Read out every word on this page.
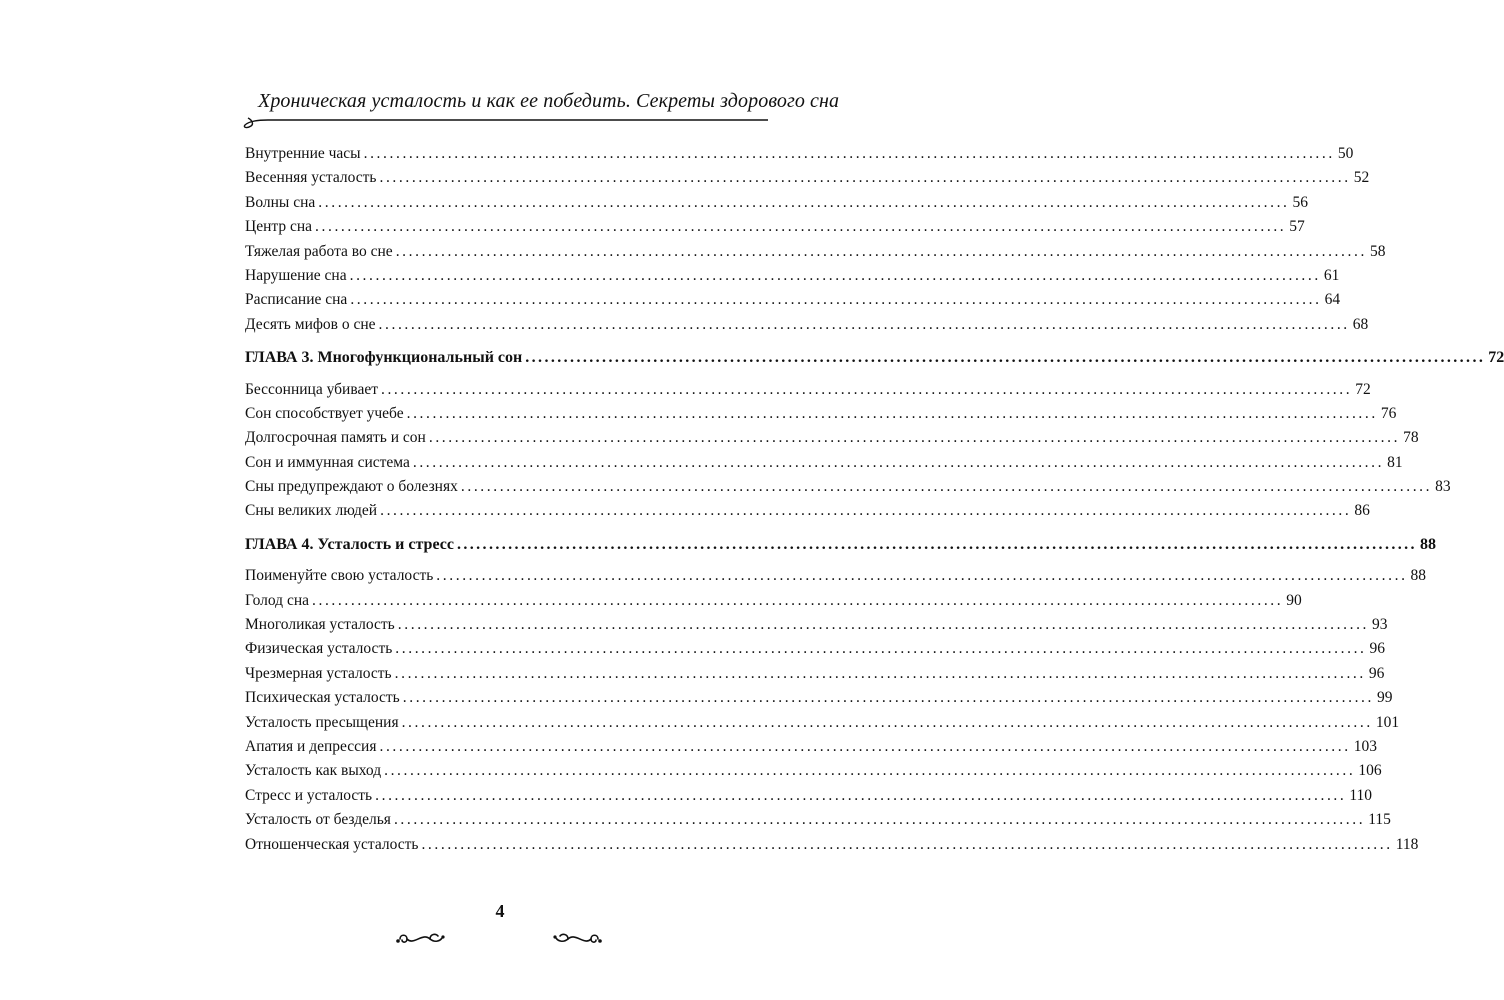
Хроническая усталость и как ее победить. Секреты здорового сна
Внутренние часы ...................................................................................................................................................... 50
Весенняя усталость ...................................................................................................................................................... 52
Волны сна ...................................................................................................................................................... 56
Центр сна ...................................................................................................................................................... 57
Тяжелая работа во сне ...................................................................................................................................................... 58
Нарушение сна ...................................................................................................................................................... 61
Расписание сна ...................................................................................................................................................... 64
Десять мифов о сне ...................................................................................................................................................... 68
ГЛАВА 3. Многофункциональный сон ...................................................................................................................................................... 72
Бессонница убивает ...................................................................................................................................................... 72
Сон способствует учебе ...................................................................................................................................................... 76
Долгосрочная память и сон ...................................................................................................................................................... 78
Сон и иммунная система ...................................................................................................................................................... 81
Сны предупреждают о болезнях ...................................................................................................................................................... 83
Сны великих людей ...................................................................................................................................................... 86
ГЛАВА 4. Усталость и стресс ...................................................................................................................................................... 88
Поименуйте свою усталость ...................................................................................................................................................... 88
Голод сна ...................................................................................................................................................... 90
Многоликая усталость ...................................................................................................................................................... 93
Физическая усталость ...................................................................................................................................................... 96
Чрезмерная усталость ...................................................................................................................................................... 96
Психическая усталость ...................................................................................................................................................... 99
Усталость пресыщения ...................................................................................................................................................... 101
Апатия и депрессия ...................................................................................................................................................... 103
Усталость как выход ...................................................................................................................................................... 106
Стресс и усталость ...................................................................................................................................................... 110
Усталость от безделья ...................................................................................................................................................... 115
Отношенческая усталость ...................................................................................................................................................... 118
4
